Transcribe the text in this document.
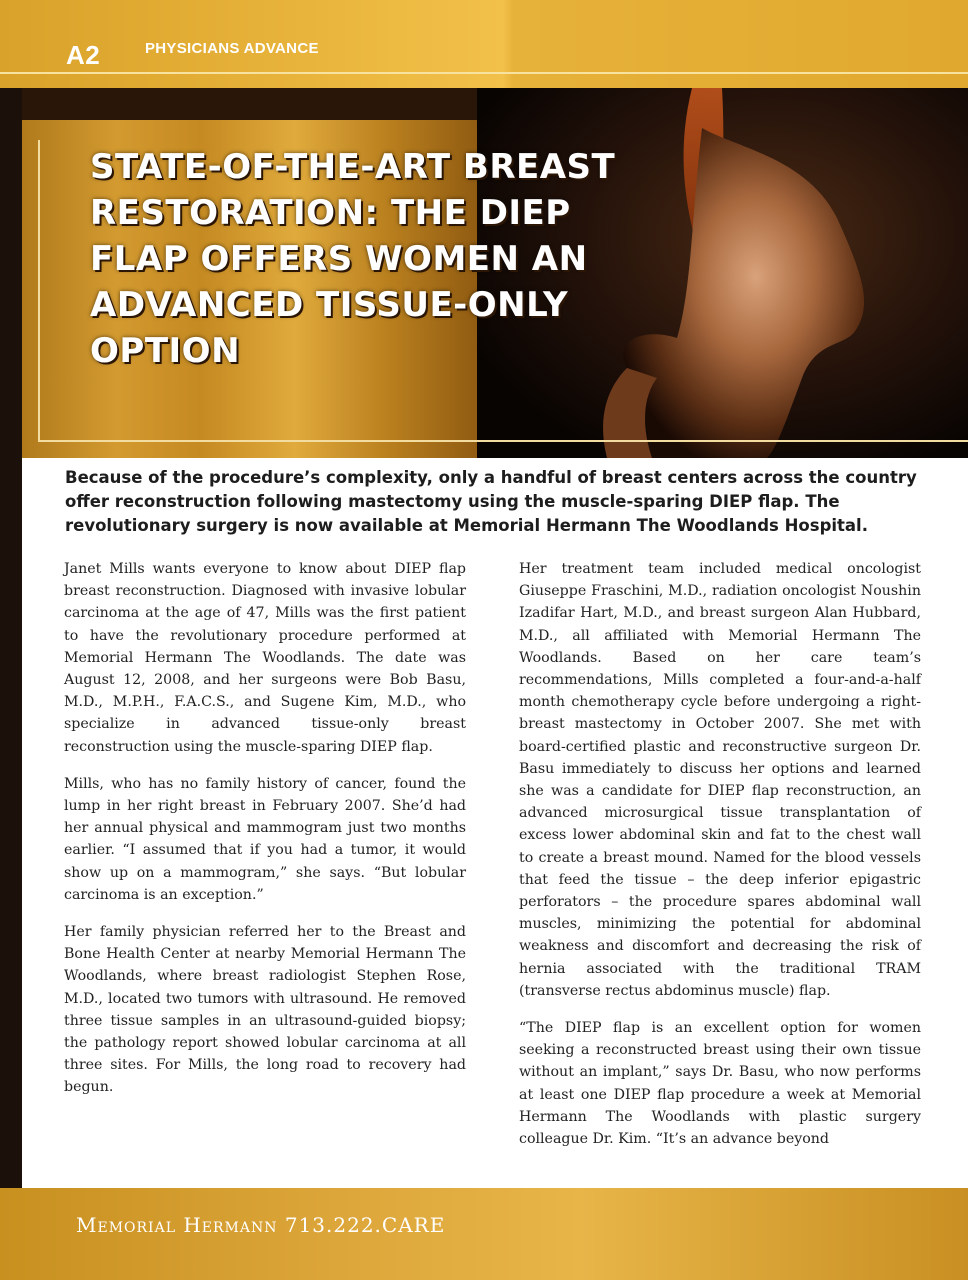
A2	PHYSICIANS ADVANCE
STATE-OF-THE-ART BREAST RESTORATION: THE DIEP FLAP OFFERS WOMEN AN ADVANCED TISSUE-ONLY OPTION

Because of the procedure’s complexity, only a handful of breast centers across the country offer reconstruction following mastectomy using the muscle-sparing DIEP flap. The revolutionary surgery is now available at Memorial Hermann The Woodlands Hospital.

Janet Mills wants everyone to know about DIEP flap breast reconstruction. Diagnosed with invasive lobular carcinoma at the age of 47, Mills was the first patient to have the revolutionary procedure performed at Memorial Hermann The Woodlands. The date was August 12, 2008, and her surgeons were Bob Basu, M.D., M.P.H., F.A.C.S., and Sugene Kim, M.D., who specialize in advanced tissue-only breast reconstruction using the muscle-sparing DIEP flap.

Mills, who has no family history of cancer, found the lump in her right breast in February 2007. She’d had her annual physical and mammogram just two months earlier. “I assumed that if you had a tumor, it would show up on a mammogram,” she says. “But lobular carcinoma is an exception.”

Her family physician referred her to the Breast and Bone Health Center at nearby Memorial Hermann The Woodlands, where breast radiologist Stephen Rose, M.D., located two tumors with ultrasound. He removed three tissue samples in an ultrasound-guided biopsy; the pathology report showed lobular carcinoma at all three sites. For Mills, the long road to recovery had begun.

Her treatment team included medical oncologist Giuseppe Fraschini, M.D., radiation oncologist Noushin Izadifar Hart, M.D., and breast surgeon Alan Hubbard, M.D., all affiliated with Memorial Hermann The Woodlands. Based on her care team’s recommendations, Mills completed a four-and-a-half month chemotherapy cycle before undergoing a right-breast mastectomy in October 2007. She met with board-certified plastic and reconstructive surgeon Dr. Basu immediately to discuss her options and learned she was a candidate for DIEP flap reconstruction, an advanced microsurgical tissue transplantation of excess lower abdominal skin and fat to the chest wall to create a breast mound. Named for the blood vessels that feed the tissue – the deep inferior epigastric perforators – the procedure spares abdominal wall muscles, minimizing the potential for abdominal weakness and discomfort and decreasing the risk of hernia associated with the traditional TRAM (transverse rectus abdominus muscle) flap.

“The DIEP flap is an excellent option for women seeking a reconstructed breast using their own tissue without an implant,” says Dr. Basu, who now performs at least one DIEP flap procedure a week at Memorial Hermann The Woodlands with plastic surgery colleague Dr. Kim. “It’s an advance beyond

Memorial Hermann 713.222.CARE
